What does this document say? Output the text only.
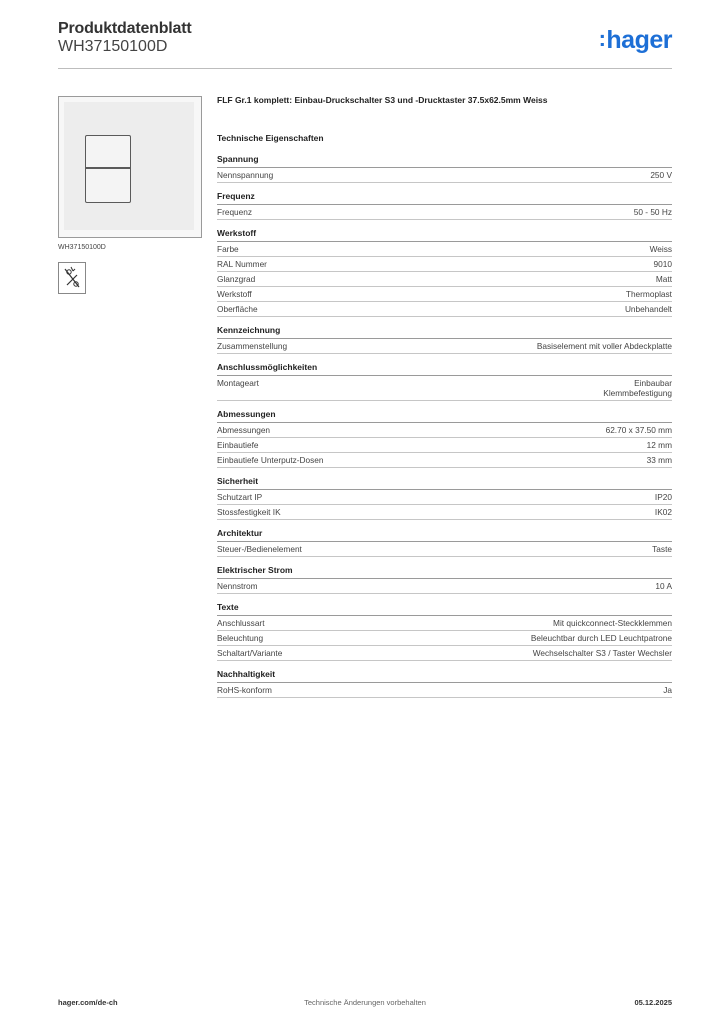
Produktdatenblatt
WH37150100D	:hager
WH37150100D
FLF Gr.1 komplett: Einbau-Druckschalter S3 und -Drucktaster 37.5x62.5mm Weiss
Technische Eigenschaften
Spannung
Nennspannung	250 V
Frequenz
Frequenz	50 - 50 Hz
Werkstoff
Farbe	Weiss
RAL Nummer	9010
Glanzgrad	Matt
Werkstoff	Thermoplast
Oberfläche	Unbehandelt
Kennzeichnung
Zusammenstellung	Basiselement mit voller Abdeckplatte
Anschlussmöglichkeiten
Montageart	Einbaubar
Klemmbefestigung
Abmessungen
Abmessungen	62.70 x 37.50 mm
Einbautiefe	12 mm
Einbautiefe Unterputz-Dosen	33 mm
Sicherheit
Schutzart IP	IP20
Stossfestigkeit IK	IK02
Architektur
Steuer-/Bedienelement	Taste
Elektrischer Strom
Nennstrom	10 A
Texte
Anschlussart	Mit quickconnect-Steckklemmen
Beleuchtung	Beleuchtbar durch LED Leuchtpatrone
Schaltart/Variante	Wechselschalter S3 / Taster Wechsler
Nachhaltigkeit
RoHS-konform	Ja
hager.com/de-ch	Technische Änderungen vorbehalten	05.12.2025
